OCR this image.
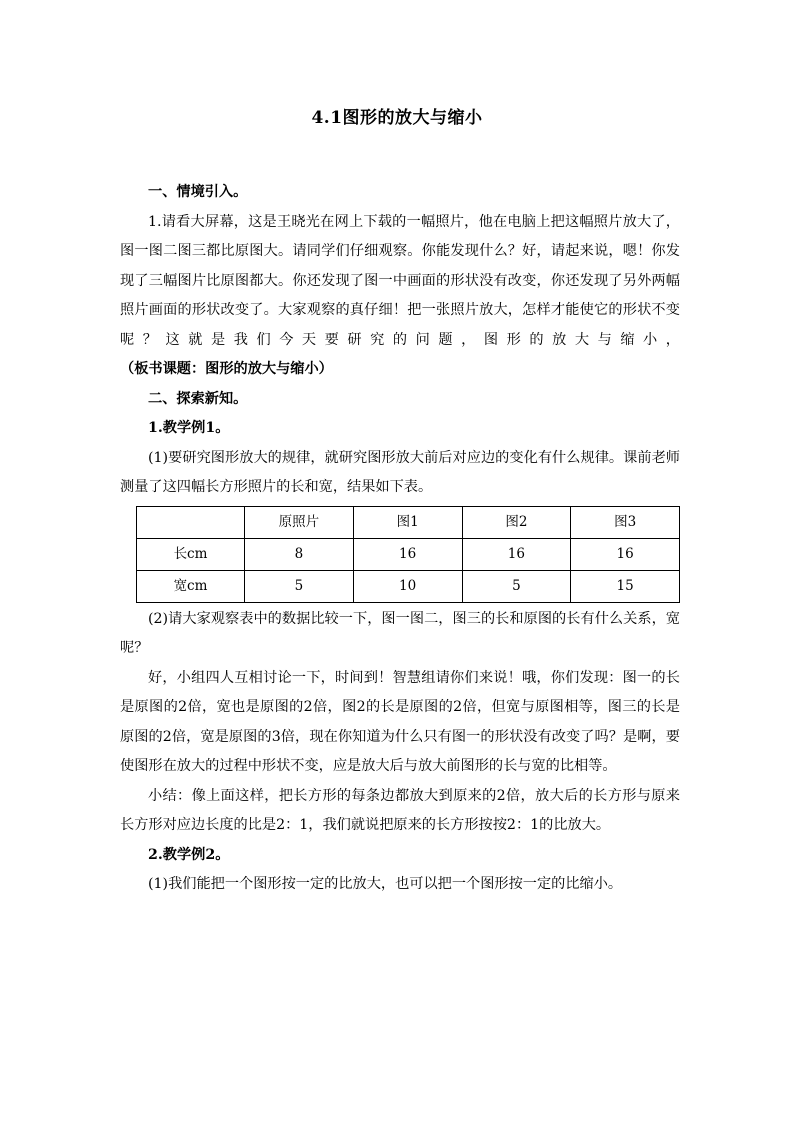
4.1图形的放大与缩小

一、情境引入。

1.请看大屏幕，这是王晓光在网上下载的一幅照片，他在电脑上把这幅照片放大了，图一图二图三都比原图大。请同学们仔细观察。你能发现什么？好，请起来说，嗯！你发现了三幅图片比原图都大。你还发现了图一中画面的形状没有改变，你还发现了另外两幅照片画面的形状改变了。大家观察的真仔细！把一张照片放大，怎样才能使它的形状不变呢？这就是我们今天要研究的问题，图形的放大与缩小，（板书课题：图形的放大与缩小）

二、探索新知。

1.教学例1。

(1)要研究图形放大的规律，就研究图形放大前后对应边的变化有什么规律。课前老师测量了这四幅长方形照片的长和宽，结果如下表。

	原照片	图1	图2	图3
长cm	8	16	16	16
宽cm	5	10	5	15

(2)请大家观察表中的数据比较一下，图一图二，图三的长和原图的长有什么关系，宽呢？

好，小组四人互相讨论一下，时间到！智慧组请你们来说！哦，你们发现：图一的长是原图的2倍，宽也是原图的2倍，图2的长是原图的2倍，但宽与原图相等，图三的长是原图的2倍，宽是原图的3倍，现在你知道为什么只有图一的形状没有改变了吗？是啊，要使图形在放大的过程中形状不变，应是放大后与放大前图形的长与宽的比相等。

小结：像上面这样，把长方形的每条边都放大到原来的2倍，放大后的长方形与原来长方形对应边长度的比是2：1，我们就说把原来的长方形按按2：1的比放大。

2.教学例2。

(1)我们能把一个图形按一定的比放大，也可以把一个图形按一定的比缩小。
